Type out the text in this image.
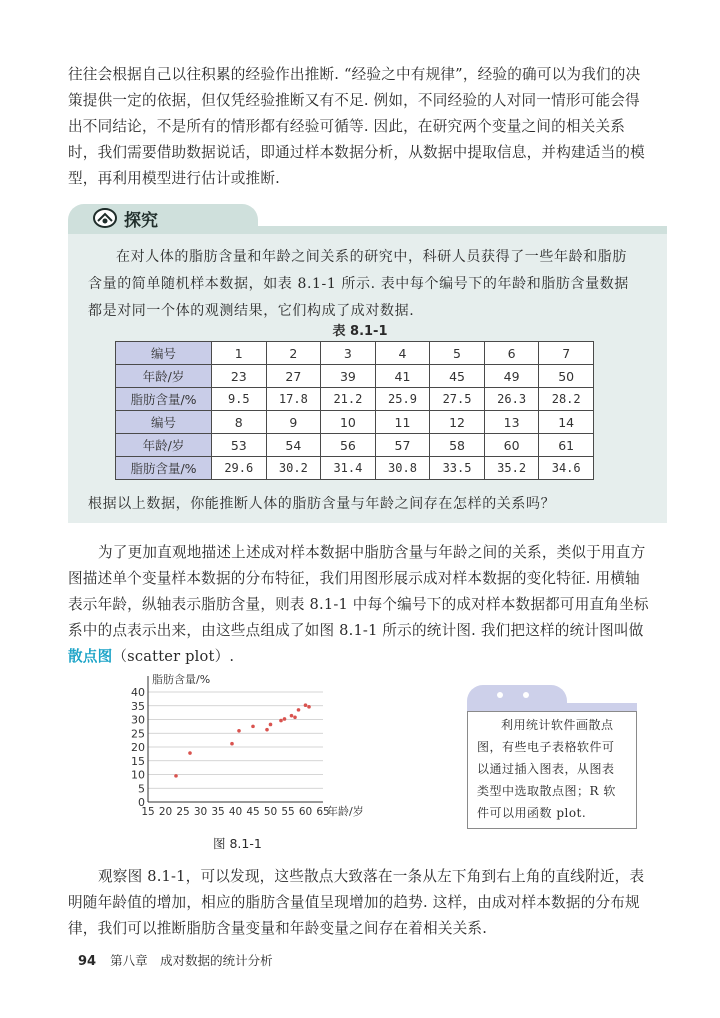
往往会根据自己以往积累的经验作出推断. “经验之中有规律”，经验的确可以为我们的决
策提供一定的依据，但仅凭经验推断又有不足. 例如，不同经验的人对同一情形可能会得
出不同结论，不是所有的情形都有经验可循等. 因此，在研究两个变量之间的相关关系
时，我们需要借助数据说话，即通过样本数据分析，从数据中提取信息，并构建适当的模
型，再利用模型进行估计或推断.

探究

在对人体的脂肪含量和年龄之间关系的研究中，科研人员获得了一些年龄和脂肪
含量的简单随机样本数据，如表 8.1-1 所示. 表中每个编号下的年龄和脂肪含量数据
都是对同一个体的观测结果，它们构成了成对数据.

表 8.1-1
编号	1	2	3	4	5	6	7
年龄/岁	23	27	39	41	45	49	50
脂肪含量/%	9.5	17.8	21.2	25.9	27.5	26.3	28.2
编号	8	9	10	11	12	13	14
年龄/岁	53	54	56	57	58	60	61
脂肪含量/%	29.6	30.2	31.4	30.8	33.5	35.2	34.6
根据以上数据，你能推断人体的脂肪含量与年龄之间存在怎样的关系吗？

为了更加直观地描述上述成对样本数据中脂肪含量与年龄之间的关系，类似于用直方
图描述单个变量样本数据的分布特征，我们用图形展示成对样本数据的变化特征. 用横轴
表示年龄，纵轴表示脂肪含量，则表 8.1-1 中每个编号下的成对样本数据都可用直角坐标
系中的点表示出来，由这些点组成了如图 8.1-1 所示的统计图. 我们把这样的统计图叫做
散点图（scatter plot）.

0
5
10
15
20
25
30
35
40
15 20 25 30 35 40 45 50 55 60 65
脂肪含量/%
年龄/岁
图 8.1-1

利用统计软件画散点
图，有些电子表格软件可
以通过插入图表，从图表
类型中选取散点图；R 软
件可以用函数 plot.

观察图 8.1-1，可以发现，这些散点大致落在一条从左下角到右上角的直线附近，表
明随年龄值的增加，相应的脂肪含量值呈现增加的趋势. 这样，由成对样本数据的分布规
律，我们可以推断脂肪含量变量和年龄变量之间存在着相关关系.

94 第八章　成对数据的统计分析
